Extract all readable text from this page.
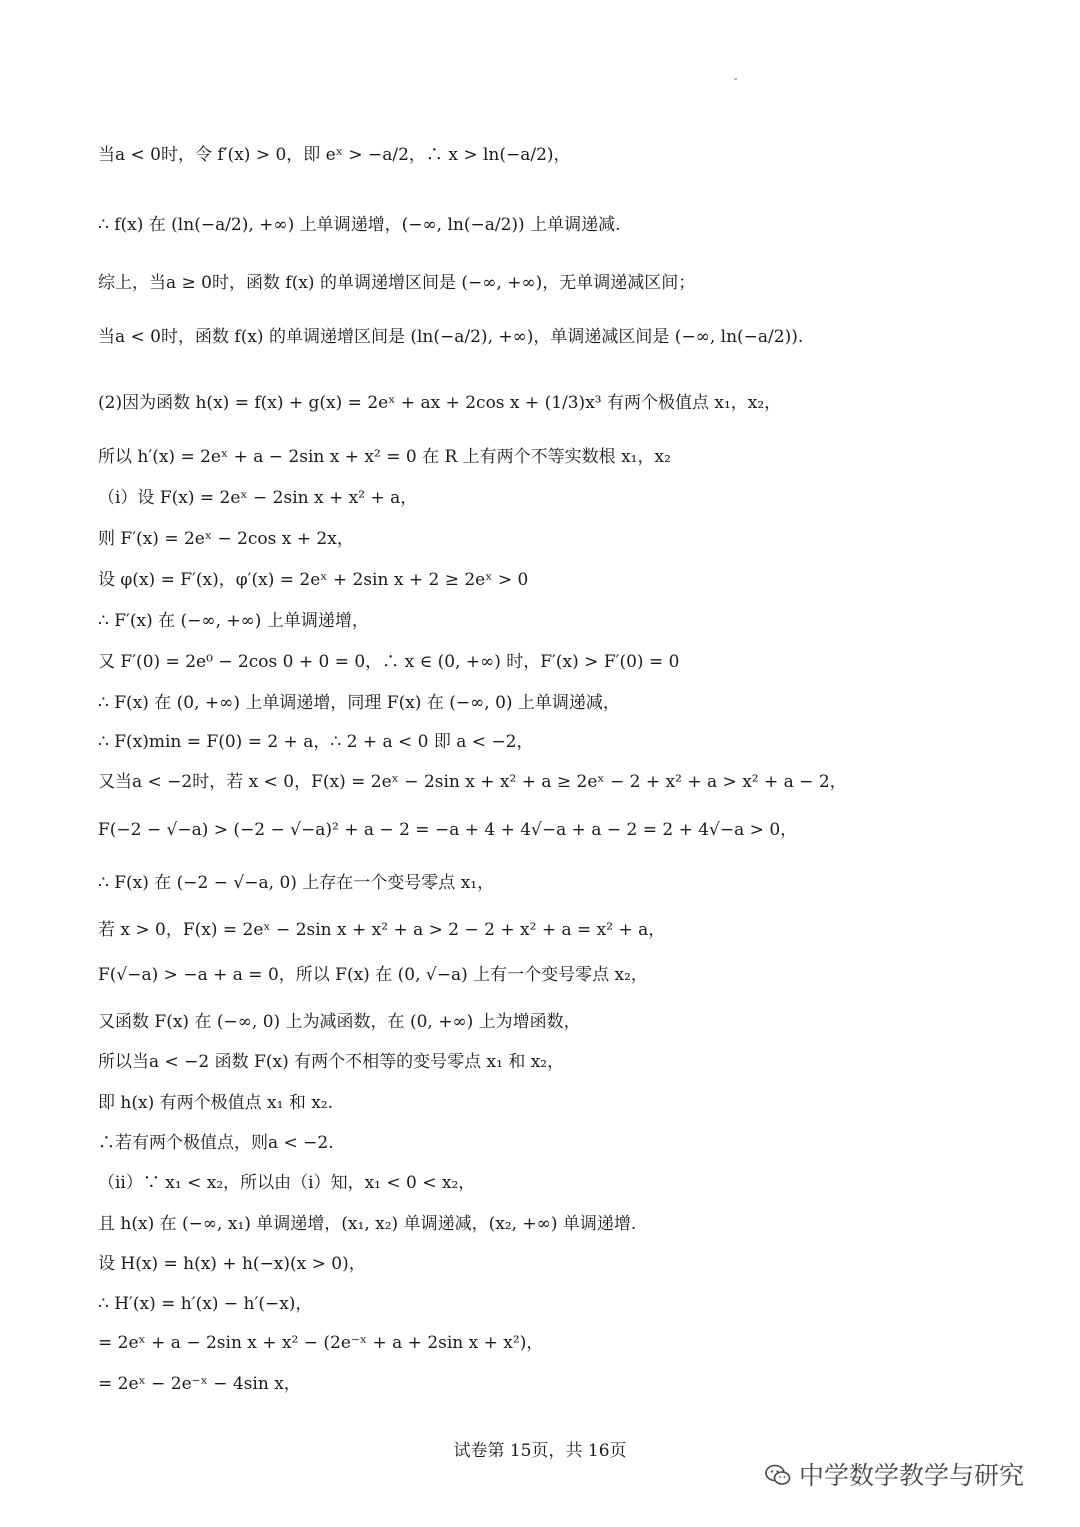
当a < 0时，令 f′(x) > 0，即 eˣ > −a/2，∴ x > ln(−a/2)，
∴ f(x) 在 (ln(−a/2), +∞) 上单调递增，(−∞, ln(−a/2)) 上单调递减.
综上，当a ≥ 0时，函数 f(x) 的单调递增区间是 (−∞, +∞)，无单调递减区间；
当a < 0时，函数 f(x) 的单调递增区间是 (ln(−a/2), +∞)，单调递减区间是 (−∞, ln(−a/2)).
(2)因为函数 h(x) = f(x) + g(x) = 2eˣ + ax + 2cos x + (1/3)x³ 有两个极值点 x₁，x₂，
所以 h′(x) = 2eˣ + a − 2sin x + x² = 0 在 R 上有两个不等实数根 x₁，x₂
（i）设 F(x) = 2eˣ − 2sin x + x² + a，
则 F′(x) = 2eˣ − 2cos x + 2x，
设 φ(x) = F′(x)，φ′(x) = 2eˣ + 2sin x + 2 ≥ 2eˣ > 0
∴ F′(x) 在 (−∞, +∞) 上单调递增，
又 F′(0) = 2e⁰ − 2cos 0 + 0 = 0，∴ x ∈ (0, +∞) 时，F′(x) > F′(0) = 0
∴ F(x) 在 (0, +∞) 上单调递增，同理 F(x) 在 (−∞, 0) 上单调递减，
∴ F(x)min = F(0) = 2 + a，∴ 2 + a < 0 即 a < −2，
又当a < −2时，若 x < 0，F(x) = 2eˣ − 2sin x + x² + a ≥ 2eˣ − 2 + x² + a > x² + a − 2，
F(−2 − √−a) > (−2 − √−a)² + a − 2 = −a + 4 + 4√−a + a − 2 = 2 + 4√−a > 0，
∴ F(x) 在 (−2 − √−a, 0) 上存在一个变号零点 x₁，
若 x > 0，F(x) = 2eˣ − 2sin x + x² + a > 2 − 2 + x² + a = x² + a，
F(√−a) > −a + a = 0，所以 F(x) 在 (0, √−a) 上有一个变号零点 x₂，
又函数 F(x) 在 (−∞, 0) 上为减函数，在 (0, +∞) 上为增函数，
所以当a < −2 函数 F(x) 有两个不相等的变号零点 x₁ 和 x₂，
即 h(x) 有两个极值点 x₁ 和 x₂.
∴若有两个极值点，则a < −2.
（ii）∵ x₁ < x₂，所以由（i）知，x₁ < 0 < x₂，
且 h(x) 在 (−∞, x₁) 单调递增，(x₁, x₂) 单调递减，(x₂, +∞) 单调递增.
设 H(x) = h(x) + h(−x)(x > 0)，
∴ H′(x) = h′(x) − h′(−x)，
= 2eˣ + a − 2sin x + x² − (2e⁻ˣ + a + 2sin x + x²)，
= 2eˣ − 2e⁻ˣ − 4sin x，
试卷第 15页，共 16页
中学数学教学与研究
